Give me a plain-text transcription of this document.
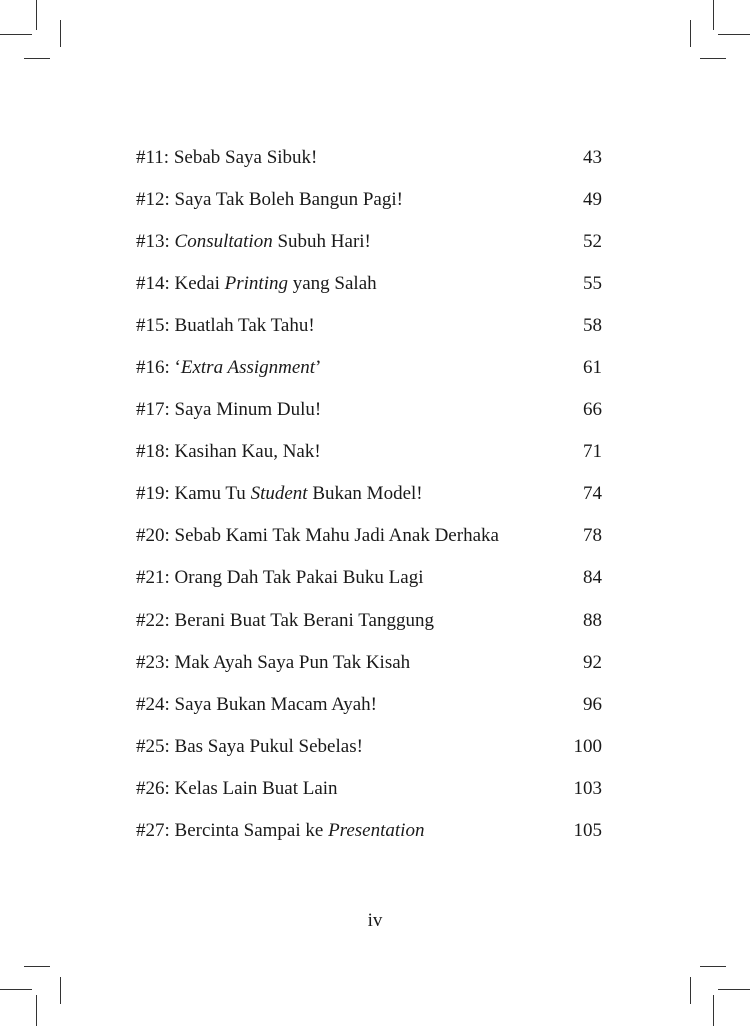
#11: Sebab Saya Sibuk!	43
#12: Saya Tak Boleh Bangun Pagi!	49
#13: Consultation Subuh Hari!	52
#14: Kedai Printing yang Salah	55
#15: Buatlah Tak Tahu!	58
#16: ‘Extra Assignment’	61
#17: Saya Minum Dulu!	66
#18: Kasihan Kau, Nak!	71
#19: Kamu Tu Student Bukan Model!	74
#20: Sebab Kami Tak Mahu Jadi Anak Derhaka	78
#21: Orang Dah Tak Pakai Buku Lagi	84
#22: Berani Buat Tak Berani Tanggung	88
#23: Mak Ayah Saya Pun Tak Kisah	92
#24: Saya Bukan Macam Ayah!	96
#25: Bas Saya Pukul Sebelas!	100
#26: Kelas Lain Buat Lain	103
#27: Bercinta Sampai ke Presentation	105
iv
